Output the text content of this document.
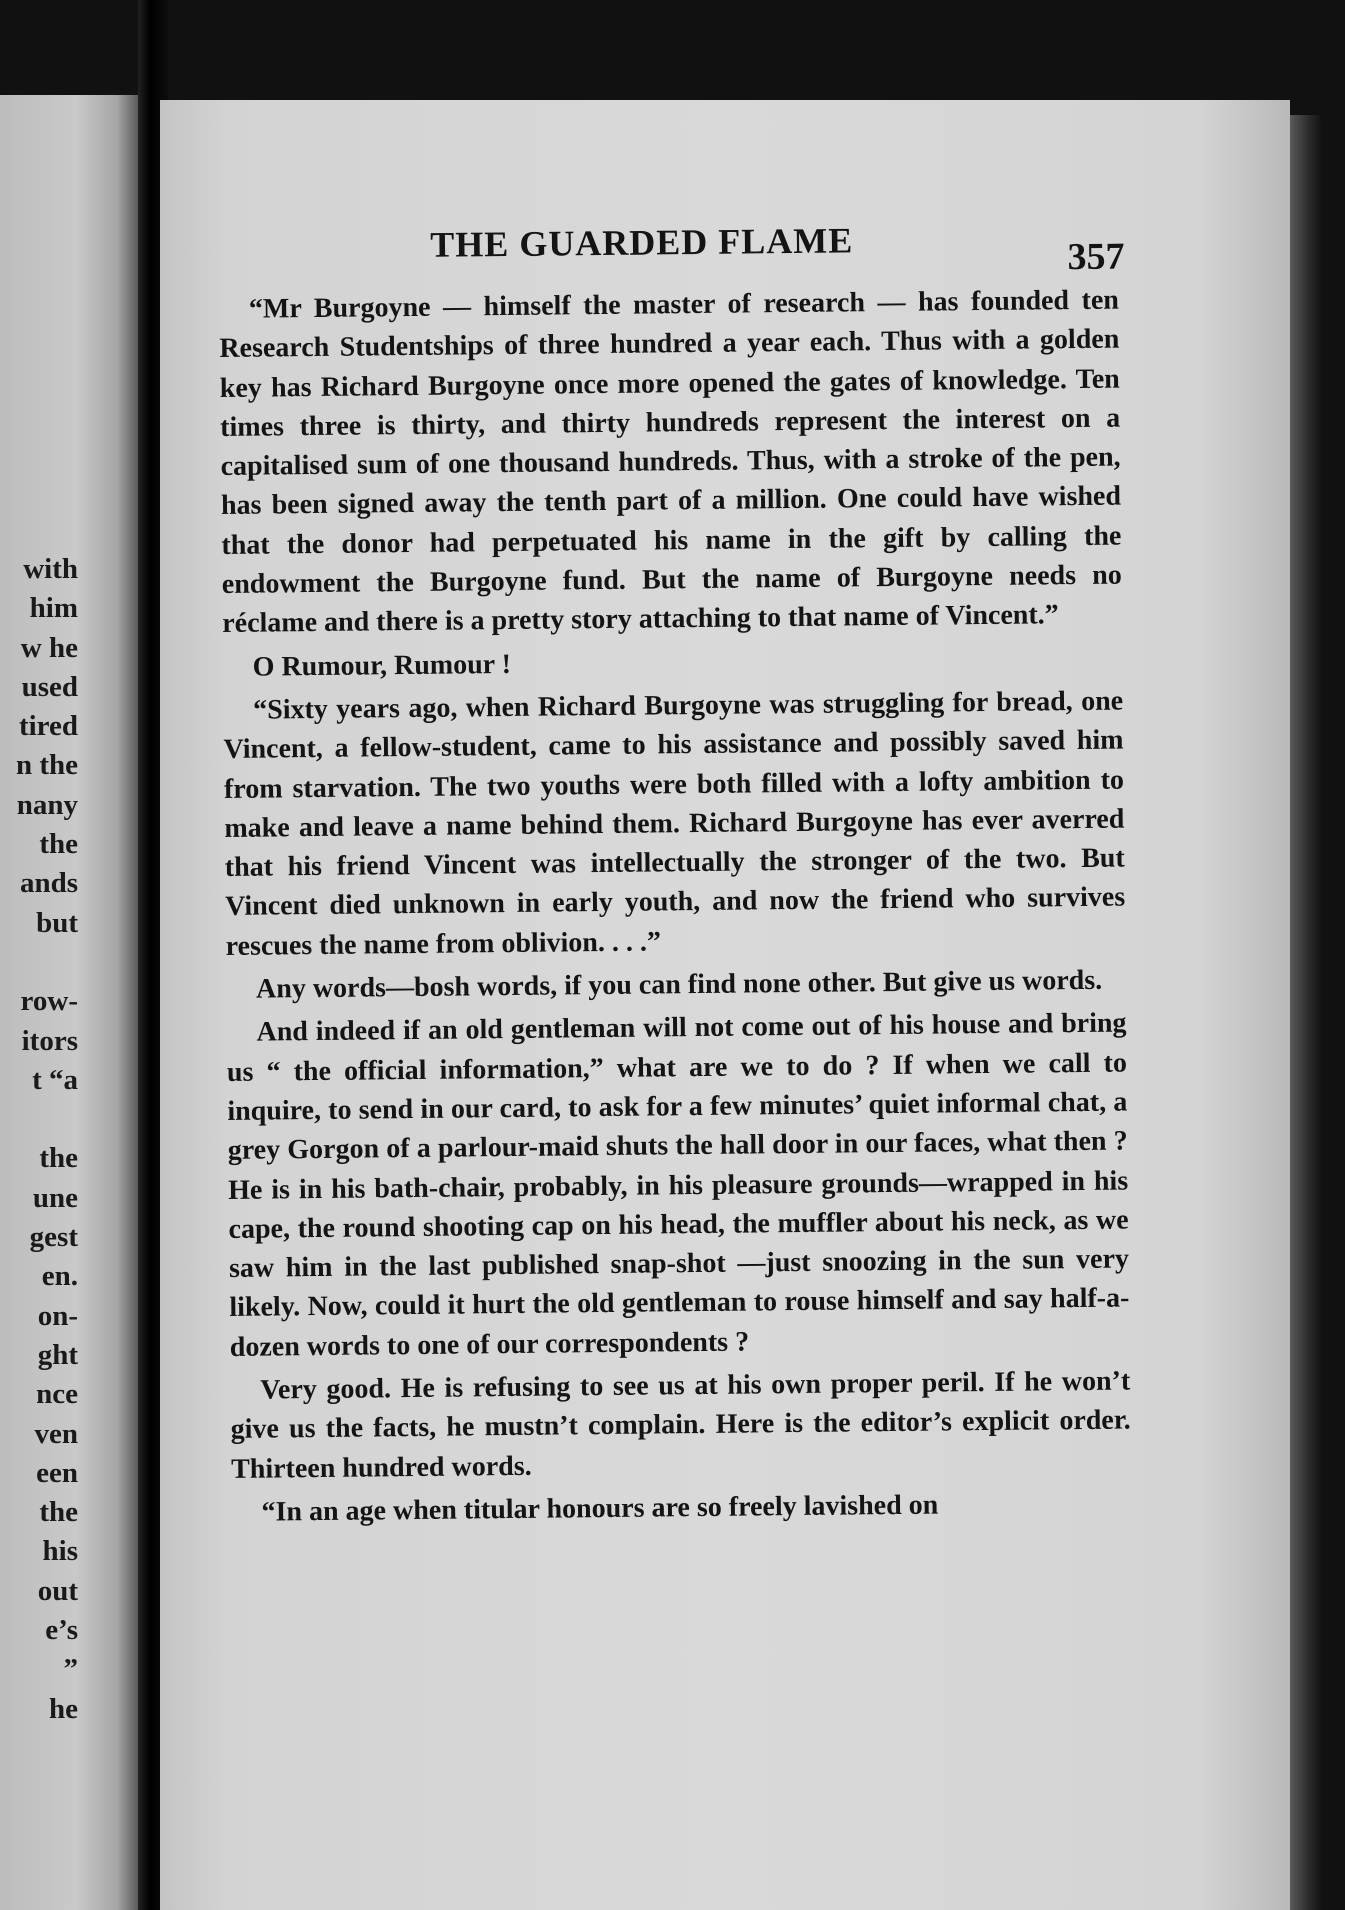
with
him
w he
used
tired
n the
nany
the
ands
but
row-
itors
t “a
the
une
gest
en.
on-
ght
nce
ven
een
the
his
out
e’s
”
he
THE GUARDED FLAME	357

“Mr Burgoyne — himself the master of research — has founded ten Research Studentships of three hundred a year each. Thus with a golden key has Richard Burgoyne once more opened the gates of knowledge. Ten times three is thirty, and thirty hundreds represent the interest on a capitalised sum of one thousand hundreds. Thus, with a stroke of the pen, has been signed away the tenth part of a million. One could have wished that the donor had perpetuated his name in the gift by calling the endowment the Burgoyne fund. But the name of Burgoyne needs no réclame and there is a pretty story attaching to that name of Vincent.”

O Rumour, Rumour !

“Sixty years ago, when Richard Burgoyne was struggling for bread, one Vincent, a fellow-student, came to his assistance and possibly saved him from starvation. The two youths were both filled with a lofty ambition to make and leave a name behind them. Richard Burgoyne has ever averred that his friend Vincent was intellectually the stronger of the two. But Vincent died unknown in early youth, and now the friend who survives rescues the name from oblivion. . . .”

Any words—bosh words, if you can find none other. But give us words.

And indeed if an old gentleman will not come out of his house and bring us “ the official information,” what are we to do ? If when we call to inquire, to send in our card, to ask for a few minutes’ quiet informal chat, a grey Gorgon of a parlour-maid shuts the hall door in our faces, what then ? He is in his bath-chair, probably, in his pleasure grounds—wrapped in his cape, the round shooting cap on his head, the muffler about his neck, as we saw him in the last published snap-shot —just snoozing in the sun very likely. Now, could it hurt the old gentleman to rouse himself and say half-a-dozen words to one of our correspondents ?

Very good. He is refusing to see us at his own proper peril. If he won’t give us the facts, he mustn’t complain. Here is the editor’s explicit order. Thirteen hundred words.

“In an age when titular honours are so freely lavished on
